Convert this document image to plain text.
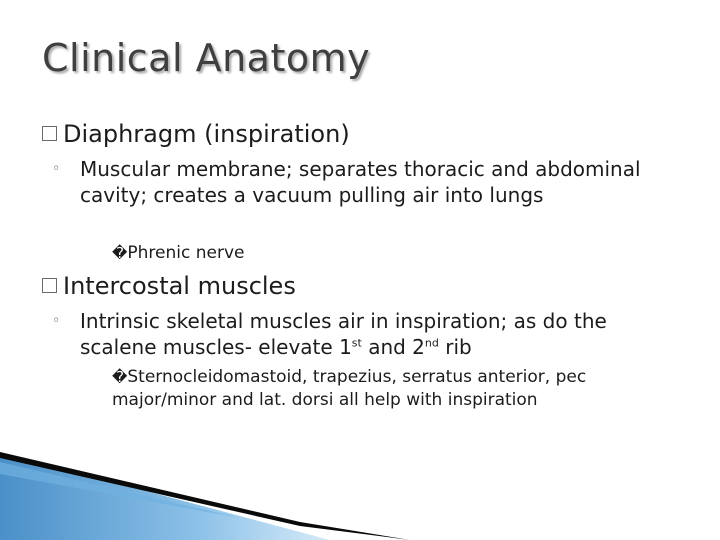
Clinical Anatomy
Diaphragm (inspiration)
◦ Muscular membrane; separates thoracic and abdominal cavity; creates a vacuum pulling air into lungs
�Phrenic nerve
Intercostal muscles
◦ Intrinsic skeletal muscles air in inspiration; as do the scalene muscles- elevate 1st and 2nd rib
�Sternocleidomastoid, trapezius, serratus anterior, pec major/minor and lat. dorsi all help with inspiration
